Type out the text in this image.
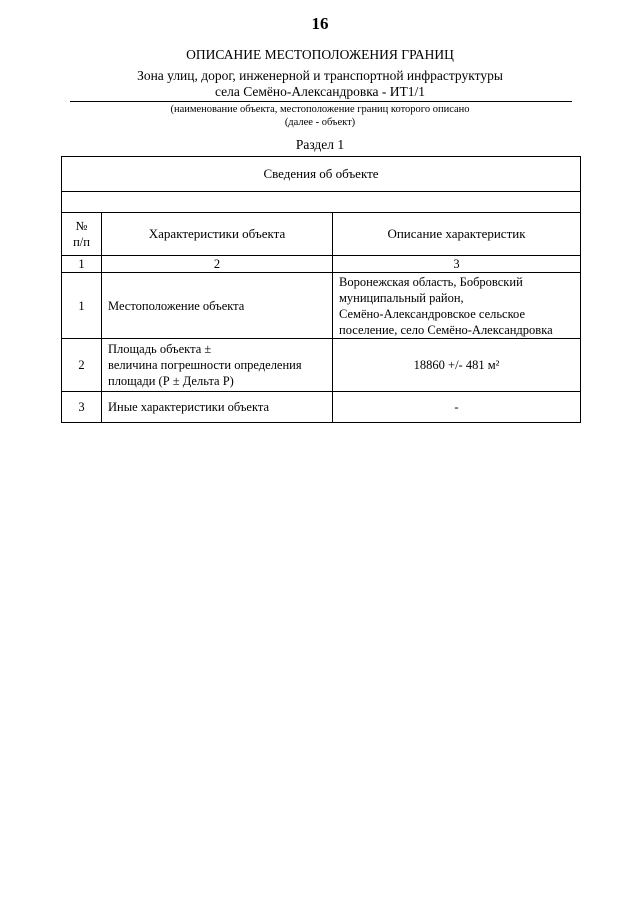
16
ОПИСАНИЕ МЕСТОПОЛОЖЕНИЯ ГРАНИЦ
Зона улиц, дорог, инженерной и транспортной инфраструктуры
села Семёно-Александровка - ИТ1/1
(наименование объекта, местоположение границ которого описано
(далее - объект)
Раздел 1
Сведения об объекте		

№
п/п	Характеристики объекта	Описание характеристик
1	2	3
1	Местоположение объекта	Воронежская область, Бобровский
муниципальный район,
Семёно-Александровское сельское
поселение, село Семёно-Александровка

2	Площадь объекта ±
величина погрешности определения
площади (Р ± Дельта Р)	18860 +/- 481 м²

3	Иные характеристики объекта	-
